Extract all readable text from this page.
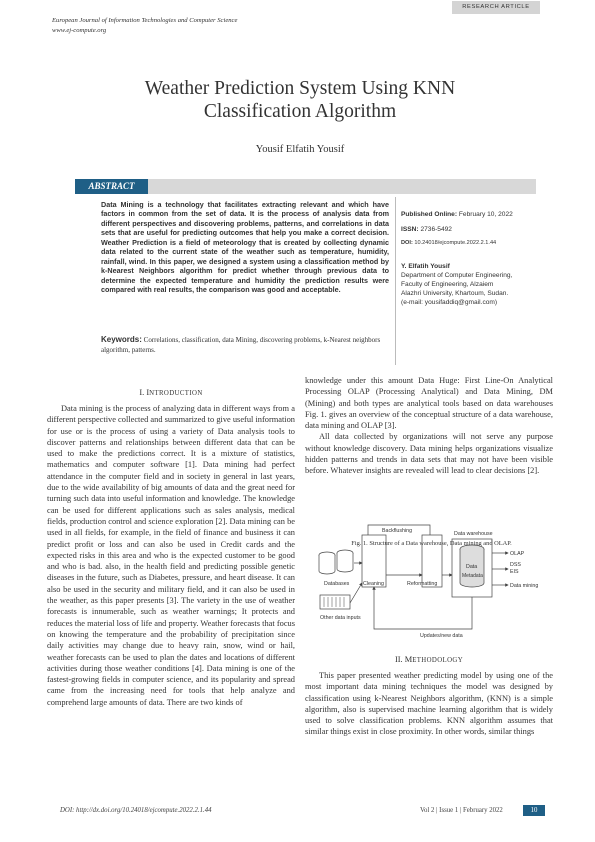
European Journal of Information Technologies and Computer Science
www.ej-compute.org
RESEARCH ARTICLE
Weather Prediction System Using KNN
Classification Algorithm
Yousif Elfatih Yousif
ABSTRACT
Data Mining is a technology that facilitates extracting relevant and which have factors in common from the set of data. It is the process of analysis data from different perspectives and discovering problems, patterns, and correlations in data sets that are useful for predicting outcomes that help you make a correct decision. Weather Prediction is a field of meteorology that is created by collecting dynamic data related to the current state of the weather such as temperature, humidity, rainfall, wind. In this paper, we designed a system using a classification method by k-Nearest Neighbors algorithm for predict whether through previous data to determine the expected temperature and humidity the prediction results were compared with real results, the comparison was good and acceptable.
Keywords: Correlations, classification, data Mining, discovering problems, k-Nearest neighbors algorithm, patterns.
Published Online: February 10, 2022
ISSN: 2736-5492
DOI: 10.24018/ejcompute.2022.2.1.44
Y. Elfatih Yousif
Department of Computer Engineering,
Faculty of Engineering, Alzaiem
Alazhri University, Khartoum, Sudan.
(e-mail: yousifaddiq@gmail.com)
I. INTRODUCTION

Data mining is the process of analyzing data in different ways from a different perspective collected and summarized to give useful information for use or is the process of using a variety of Data analysis tools to discover patterns and relationships between different data that can be used to make the predictions correct. It is a mixture of statistics, mathematics and computer software [1]. Data mining had perfect attendance in the computer field and in society in general in last years, due to the wide availability of big amounts of data and the great need for turning such data into useful information and knowledge. The knowledge can be used for different applications such as sales analysis, medical fields, production control and science exploration [2]. Data mining can be used in all fields, for example, in the field of finance and business it can predict profit or loss and can also be used in Credit cards and the expected risks in this area and who is the expected customer to be good and who is bad. also, in the health field and predicting possible genetic diseases in the future, such as Diabetes, pressure, and heart disease. It can also be used in the security and military field, and it can also be used in the weather, as this paper presents [3]. The variety in the use of weather forecasts is innumerable, such as weather warnings; It protects and reduces the material loss of life and property. Weather forecasts that focus on knowing the temperature and the probability of precipitation since daily activities may change due to heavy rain, snow, wind or hail, weather forecasts can be used to plan the dates and locations of different activities during those weather conditions [4]. Data mining is one of the fastest-growing fields in computer science, and its popularity and spread came from the increasing need for tools that help analyze and comprehend large amounts of data. There are two kinds of

knowledge under this amount Data Huge: First Line-On Analytical Processing OLAP (Processing Analytical) and Data Mining, DM (Mining) and both types are analytical tools based on data warehouses Fig. 1. gives an overview of the conceptual structure of a data warehouse, data mining and OLAP [3].

All data collected by organizations will not serve any purpose without knowledge discovery. Data mining helps organizations visualize hidden patterns and trends in data sets that may not have been visible before. Whatever insights are revealed will lead to clear decisions [2].

Backflushing
Databases	Cleaning	Reformatting
Data warehouse
Data
Metadata
OLAP
DSS
EIS
Data mining
Other data inputs
Updates/new data
Fig. 1. Structure of a Data warehouse, Data mining and OLAP.
II. METHODOLOGY

This paper presented weather predicting model by using one of the most important data mining techniques the model was designed by classification using k-Nearest Neighbors algorithm, (KNN) is a simple algorithm, also is supervised machine learning algorithm that is widely used to solve classification problems. KNN algorithm assumes that similar things exist in close proximity. In other words, similar things

DOI: http://dx.doi.org/10.24018/ejcompute.2022.2.1.44	Vol 2 | Issue 1 | February 2022	10
